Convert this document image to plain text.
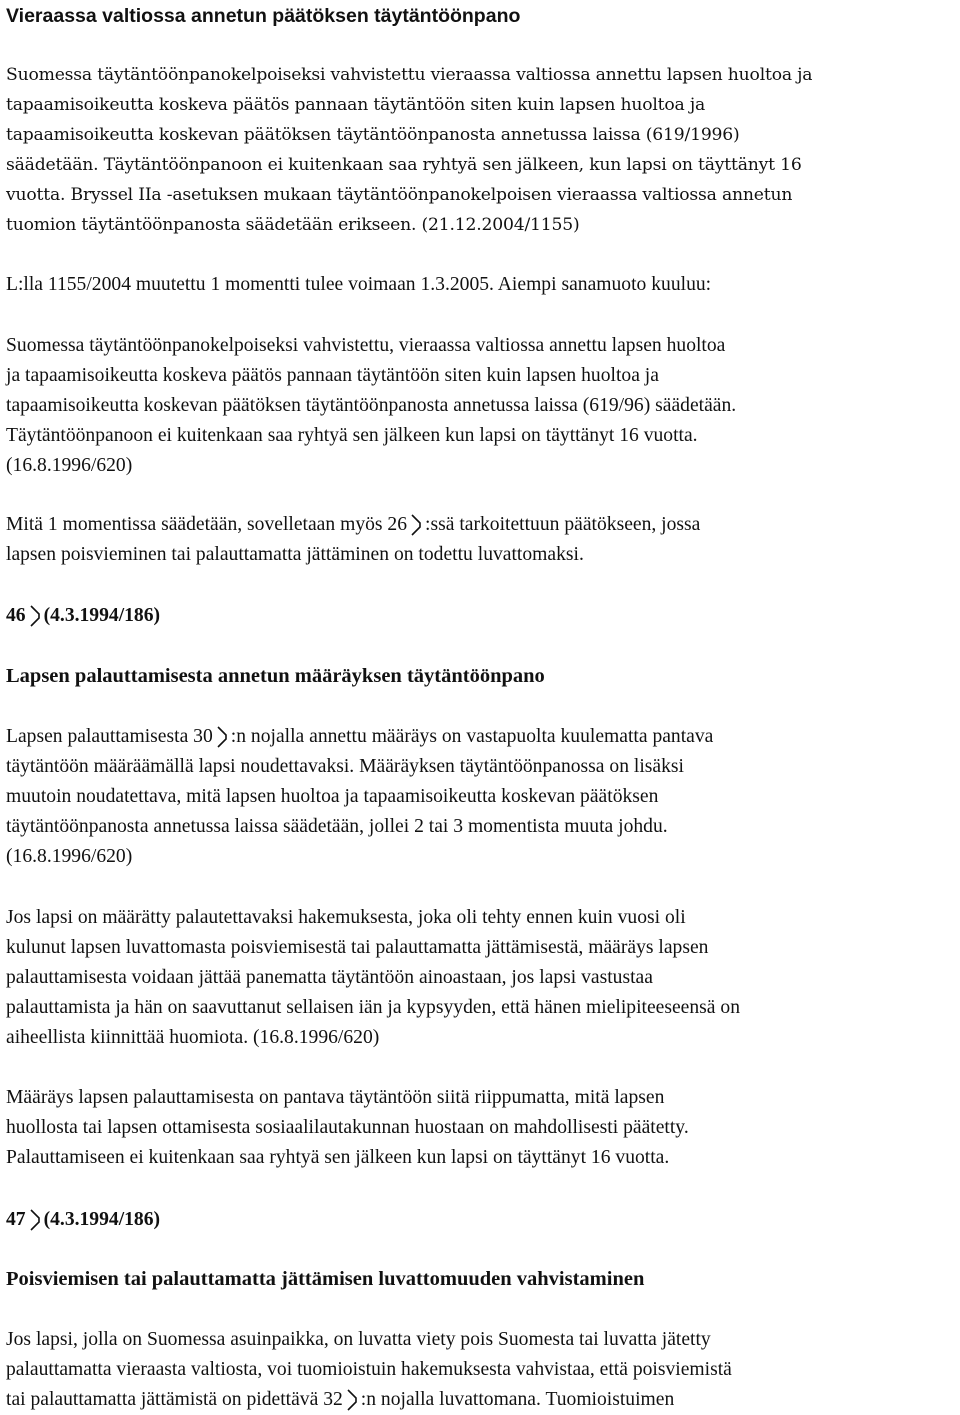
Vieraassa valtiossa annetun päätöksen täytäntöönpano
Suomessa täytäntöönpanokelpoiseksi vahvistettu vieraassa valtiossa annettu lapsen huoltoa ja
tapaamisoikeutta koskeva päätös pannaan täytäntöön siten kuin lapsen huoltoa ja
tapaamisoikeutta koskevan päätöksen täytäntöönpanosta annetussa laissa (619/1996)
säädetään. Täytäntöönpanoon ei kuitenkaan saa ryhtyä sen jälkeen, kun lapsi on täyttänyt 16
vuotta. Bryssel IIa -asetuksen mukaan täytäntöönpanokelpoisen vieraassa valtiossa annetun
tuomion täytäntöönpanosta säädetään erikseen. (21.12.2004/1155)
L:lla 1155/2004 muutettu 1 momentti tulee voimaan 1.3.2005. Aiempi sanamuoto kuuluu:
Suomessa täytäntöönpanokelpoiseksi vahvistettu, vieraassa valtiossa annettu lapsen huoltoa
ja tapaamisoikeutta koskeva päätös pannaan täytäntöön siten kuin lapsen huoltoa ja
tapaamisoikeutta koskevan päätöksen täytäntöönpanosta annetussa laissa (619/96) säädetään.
Täytäntöönpanoon ei kuitenkaan saa ryhtyä sen jälkeen kun lapsi on täyttänyt 16 vuotta.
(16.8.1996/620)
Mitä 1 momentissa säädetään, sovelletaan myös 26 :ssä tarkoitettuun päätökseen, jossa
lapsen poisvieminen tai palauttamatta jättäminen on todettu luvattomaksi.
46 (4.3.1994/186)
Lapsen palauttamisesta annetun määräyksen täytäntöönpano
Lapsen palauttamisesta 30 :n nojalla annettu määräys on vastapuolta kuulematta pantava
täytäntöön määräämällä lapsi noudettavaksi. Määräyksen täytäntöönpanossa on lisäksi
muutoin noudatettava, mitä lapsen huoltoa ja tapaamisoikeutta koskevan päätöksen
täytäntöönpanosta annetussa laissa säädetään, jollei 2 tai 3 momentista muuta johdu.
(16.8.1996/620)
Jos lapsi on määrätty palautettavaksi hakemuksesta, joka oli tehty ennen kuin vuosi oli
kulunut lapsen luvattomasta poisviemisestä tai palauttamatta jättämisestä, määräys lapsen
palauttamisesta voidaan jättää panematta täytäntöön ainoastaan, jos lapsi vastustaa
palauttamista ja hän on saavuttanut sellaisen iän ja kypsyyden, että hänen mielipiteeseensä on
aiheellista kiinnittää huomiota. (16.8.1996/620)
Määräys lapsen palauttamisesta on pantava täytäntöön siitä riippumatta, mitä lapsen
huollosta tai lapsen ottamisesta sosiaalilautakunnan huostaan on mahdollisesti päätetty.
Palauttamiseen ei kuitenkaan saa ryhtyä sen jälkeen kun lapsi on täyttänyt 16 vuotta.
47 (4.3.1994/186)
Poisviemisen tai palauttamatta jättämisen luvattomuuden vahvistaminen
Jos lapsi, jolla on Suomessa asuinpaikka, on luvatta viety pois Suomesta tai luvatta jätetty
palauttamatta vieraasta valtiosta, voi tuomioistuin hakemuksesta vahvistaa, että poisviemistä
tai palauttamatta jättämistä on pidettävä 32 :n nojalla luvattomana. Tuomioistuimen
